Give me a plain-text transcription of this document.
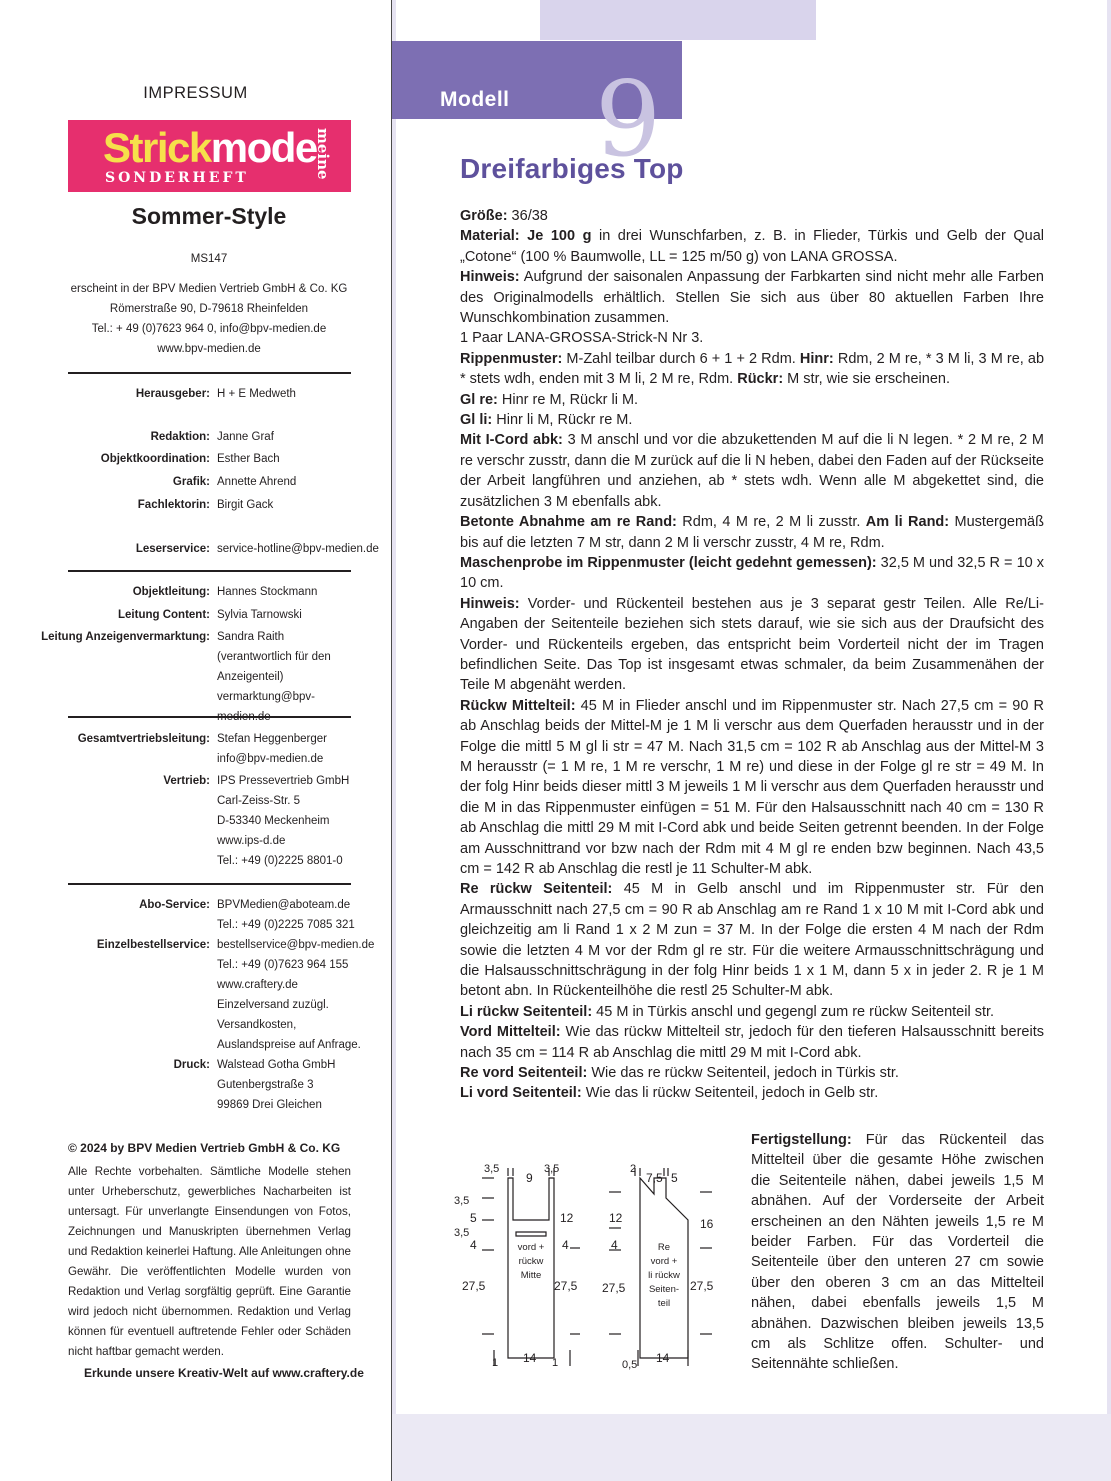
IMPRESSUM
Strickmode
SONDERHEFT	meine
Sommer-Style
MS147
erscheint in der BPV Medien Vertrieb GmbH & Co. KG
Römerstraße 90, D-79618 Rheinfelden
Tel.: + 49 (0)7623 964 0, info@bpv-medien.de
www.bpv-medien.de
Herausgeber: H + E Medweth
Redaktion: Janne Graf
Objektkoordination: Esther Bach
Grafik: Annette Ahrend
Fachlektorin: Birgit Gack
Leserservice: service-hotline@bpv-medien.de
Objektleitung: Hannes Stockmann
Leitung Content: Sylvia Tarnowski
Leitung Anzeigenvermarktung: Sandra Raith
(verantwortlich für den
Anzeigenteil)
vermarktung@bpv-medien.de
Gesamtvertriebsleitung: Stefan Heggenberger
info@bpv-medien.de
Vertrieb: IPS Pressevertrieb GmbH
Carl-Zeiss-Str. 5
D-53340 Meckenheim
www.ips-d.de
Tel.: +49 (0)2225 8801-0
Abo-Service: BPVMedien@aboteam.de
Tel.: +49 (0)2225 7085 321
Einzelbestellservice: bestellservice@bpv-medien.de
Tel.: +49 (0)7623 964 155
www.craftery.de
Einzelversand zuzügl.
Versandkosten,
Auslandspreise auf Anfrage.
Druck: Walstead Gotha GmbH
Gutenbergstraße 3
99869 Drei Gleichen
© 2024 by BPV Medien Vertrieb GmbH & Co. KG
Alle Rechte vorbehalten. Sämtliche Modelle stehen unter Urheberschutz, gewerbliches Nacharbeiten ist untersagt. Für unverlangte Einsendungen von Fotos, Zeichnungen und Manuskripten übernehmen Verlag und Redaktion keinerlei Haftung. Alle Anleitungen ohne Gewähr. Die veröffentlichten Modelle wurden von Redaktion und Verlag sorgfältig geprüft. Eine Garantie wird jedoch nicht übernommen. Redaktion und Verlag können für eventuell auftretende Fehler oder Schäden nicht haftbar gemacht werden.
Erkunde unsere Kreativ-Welt auf www.craftery.de
Modell 9
Dreifarbiges Top

Größe: 36/38

Material: Je 100 g in drei Wunschfarben, z. B. in Flieder, Türkis und Gelb der Qual „Cotone“ (100 % Baumwolle, LL = 125 m/50 g) von LANA GROSSA.

Hinweis: Aufgrund der saisonalen Anpassung der Farbkarten sind nicht mehr alle Farben des Originalmodells erhältlich. Stellen Sie sich aus über 80 aktuellen Farben Ihre Wunschkombination zusammen.

1 Paar LANA-GROSSA-Strick-N Nr 3.

Rippenmuster: M-Zahl teilbar durch 6 + 1 + 2 Rdm. Hinr: Rdm, 2 M re, * 3 M li, 3 M re, ab * stets wdh, enden mit 3 M li, 2 M re, Rdm. Rückr: M str, wie sie erscheinen.

Gl re: Hinr re M, Rückr li M.

Gl li: Hinr li M, Rückr re M.

Mit I-Cord abk: 3 M anschl und vor die abzukettenden M auf die li N legen. * 2 M re, 2 M re verschr zusstr, dann die M zurück auf die li N heben, dabei den Faden auf der Rückseite der Arbeit langführen und anziehen, ab * stets wdh. Wenn alle M abgekettet sind, die zusätzlichen 3 M ebenfalls abk.

Betonte Abnahme am re Rand: Rdm, 4 M re, 2 M li zusstr. Am li Rand: Mustergemäß bis auf die letzten 7 M str, dann 2 M li verschr zusstr, 4 M re, Rdm.

Maschenprobe im Rippenmuster (leicht gedehnt gemessen): 32,5 M und 32,5 R = 10 x 10 cm.

Hinweis: Vorder- und Rückenteil bestehen aus je 3 separat gestr Teilen. Alle Re/Li-Angaben der Seitenteile beziehen sich stets darauf, wie sie sich aus der Draufsicht des Vorder- und Rückenteils ergeben, das entspricht beim Vorderteil nicht der im Tragen befindlichen Seite. Das Top ist insgesamt etwas schmaler, da beim Zusammenähen der Teile M abgenäht werden.

Rückw Mittelteil: 45 M in Flieder anschl und im Rippenmuster str. Nach 27,5 cm = 90 R ab Anschlag beids der Mittel-M je 1 M li verschr aus dem Querfaden herausstr und in der Folge die mittl 5 M gl li str = 47 M. Nach 31,5 cm = 102 R ab Anschlag aus der Mittel-M 3 M herausstr (= 1 M re, 1 M re verschr, 1 M re) und diese in der Folge gl re str = 49 M. In der folg Hinr beids dieser mittl 3 M jeweils 1 M li verschr aus dem Querfaden herausstr und die M in das Rippenmuster einfügen = 51 M. Für den Halsausschnitt nach 40 cm = 130 R ab Anschlag die mittl 29 M mit I-Cord abk und beide Seiten getrennt beenden. In der Folge am Ausschnittrand vor bzw nach der Rdm mit 4 M gl re enden bzw beginnen. Nach 43,5 cm = 142 R ab Anschlag die restl je 11 Schulter-M abk.

Re rückw Seitenteil: 45 M in Gelb anschl und im Rippenmuster str. Für den Armausschnitt nach 27,5 cm = 90 R ab Anschlag am re Rand 1 x 10 M mit I-Cord abk und gleichzeitig am li Rand 1 x 2 M zun = 37 M. In der Folge die ersten 4 M nach der Rdm sowie die letzten 4 M vor der Rdm gl re str. Für die weitere Armausschnittschrägung und die Halsausschnittschrägung in der folg Hinr beids 1 x 1 M, dann 5 x in jeder 2. R je 1 M betont abn. In Rückenteilhöhe die restl 25 Schulter-M abk.

Li rückw Seitenteil: 45 M in Türkis anschl und gegengl zum re rückw Seitenteil str.

Vord Mittelteil: Wie das rückw Mittelteil str, jedoch für den tieferen Halsausschnitt bereits nach 35 cm = 114 R ab Anschlag die mittl 29 M mit I-Cord abk.

Re vord Seitenteil: Wie das re rückw Seitenteil, jedoch in Türkis str.

Li vord Seitenteil: Wie das li rückw Seitenteil, jedoch in Gelb str.

Fertigstellung: Für das Rückenteil das Mittelteil über die gesamte Höhe zwischen die Seitenteile nähen, dabei jeweils 1,5 M abnähen. Auf der Vorderseite der Arbeit erscheinen an den Nähten jeweils 1,5 re M beider Farben. Für das Vorderteil die Seitenteile über den unteren 27 cm sowie über den oberen 3 cm an das Mittelteil nähen, dabei ebenfalls jeweils 1,5 M abnähen. Dazwischen bleiben jeweils 13,5 cm als Schlitze offen. Schulter- und Seitennähte schließen.
3,5
9
3,5
3,5
5
3,5
4
27,5
12
4
27,5
vord +
rückw
Mitte
1 14 1
2
7,5 5
12
4
27,5
16
27,5
Re
vord +
li rückw
Seiten-
teil
0,5 14
